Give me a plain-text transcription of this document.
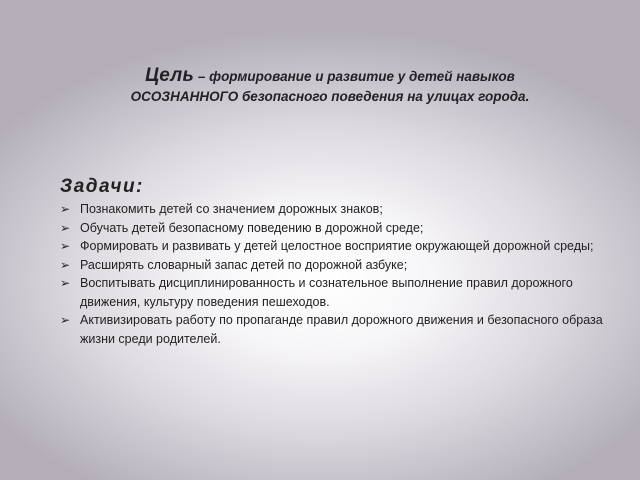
Цель – формирование и развитие у детей навыков
ОСОЗНАННОГО безопасного поведения на улицах города.
Задачи:
➢ Познакомить детей со значением дорожных знаков;
➢ Обучать детей безопасному поведению в дорожной среде;
➢ Формировать и развивать у детей целостное восприятие окружающей дорожной среды;
➢ Расширять словарный запас детей по дорожной азбуке;
➢ Воспитывать дисциплинированность и сознательное выполнение правил дорожного движения, культуру поведения пешеходов.
➢ Активизировать работу по пропаганде правил дорожного движения и безопасного образа жизни среди родителей.
